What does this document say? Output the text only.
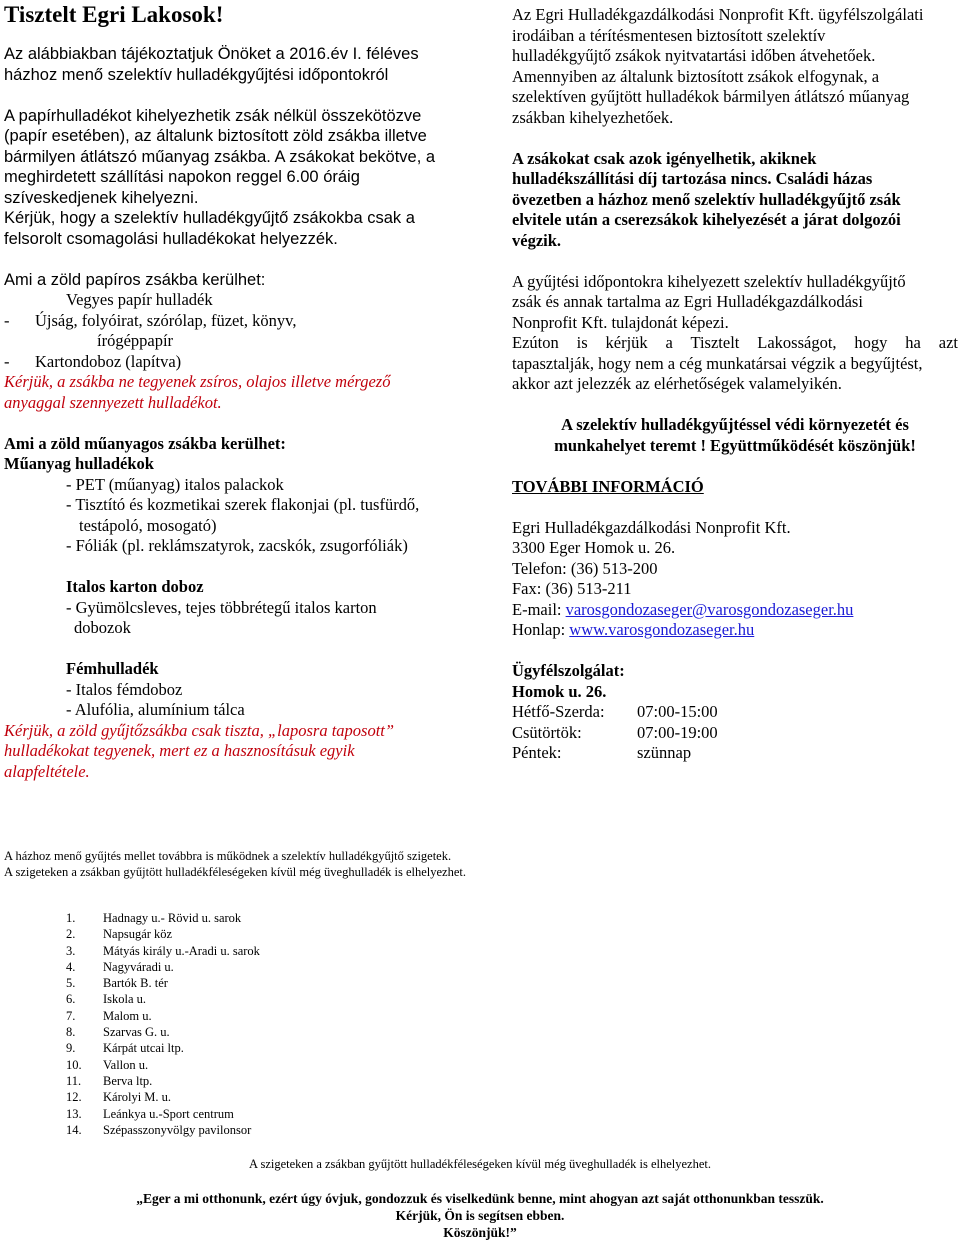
Tisztelt Egri Lakosok!

Az alábbiakban tájékoztatjuk Önöket a 2016.év I. féléves

házhoz menő szelektív hulladékgyűjtési időpontokról

A papírhulladékot kihelyezhetik zsák nélkül összekötözve

(papír esetében), az általunk biztosított zöld zsákba illetve

bármilyen átlátszó műanyag zsákba. A zsákokat bekötve, a

meghirdetett szállítási napokon reggel 6.00 óráig

szíveskedjenek kihelyezni.

Kérjük, hogy a szelektív hulladékgyűjtő zsákokba csak a

felsorolt csomagolási hulladékokat helyezzék.

Ami a zöld papíros zsákba kerülhet:

Vegyes papír hulladék

- Újság, folyóirat, szórólap, füzet, könyv,

írógéppapír

- Kartondoboz (lapítva)

Kérjük, a zsákba ne tegyenek zsíros, olajos illetve mérgező

anyaggal szennyezett hulladékot.

Ami a zöld műanyagos zsákba kerülhet:

Műanyag hulladékok

- PET (műanyag) italos palackok

- Tisztító és kozmetikai szerek flakonjai (pl. tusfürdő,

testápoló, mosogató)

- Fóliák (pl. reklámszatyrok, zacskók, zsugorfóliák)

Italos karton doboz

- Gyümölcsleves, tejes többrétegű italos karton

dobozok

Fémhulladék

- Italos fémdoboz

- Alufólia, alumínium tálca

Kérjük, a zöld gyűjtőzsákba csak tiszta, „laposra taposott”

hulladékokat tegyenek, mert ez a hasznosításuk egyik

alapfeltétele.

Az Egri Hulladékgazdálkodási Nonprofit Kft. ügyfélszolgálati

irodáiban a térítésmentesen biztosított szelektív

hulladékgyűjtő zsákok nyitvatartási időben átvehetőek.

Amennyiben az általunk biztosított zsákok elfogynak, a

szelektíven gyűjtött hulladékok bármilyen átlátszó műanyag

zsákban kihelyezhetőek.

A zsákokat csak azok igényelhetik, akiknek

hulladékszállítási díj tartozása nincs. Családi házas

övezetben a házhoz menő szelektív hulladékgyűjtő zsák

elvitele után a cserezsákok kihelyezését a járat dolgozói

végzik.

A gyűjtési időpontokra kihelyezett szelektív hulladékgyűjtő

zsák és annak tartalma az Egri Hulladékgazdálkodási

Nonprofit Kft. tulajdonát képezi.

Ezúton is kérjük a Tisztelt Lakosságot, hogy ha azt

tapasztalják, hogy nem a cég munkatársai végzik a begyűjtést,

akkor azt jelezzék az elérhetőségek valamelyikén.

A szelektív hulladékgyűjtéssel védi környezetét és

munkahelyet teremt ! Együttműködését köszönjük!

TOVÁBBI INFORMÁCIÓ

Egri Hulladékgazdálkodási Nonprofit Kft.

3300 Eger Homok u. 26.

Telefon: (36) 513-200

Fax: (36) 513-211

E-mail: varosgondozaseger@varosgondozaseger.hu

Honlap: www.varosgondozaseger.hu

Ügyfélszolgálat:

Homok u. 26.

Hétfő-Szerda:	07:00-15:00
Csütörtök:	07:00-19:00
Péntek:	szünnap

A házhoz menő gyűjtés mellet továbbra is működnek a szelektív hulladékgyűjtő szigetek.

A szigeteken a zsákban gyűjtött hulladékféleségeken kívül még üveghulladék is elhelyezhet.

1.	Hadnagy u.- Rövid u. sarok
2.	Napsugár köz
3.	Mátyás király u.-Aradi u. sarok
4.	Nagyváradi u.
5.	Bartók B. tér
6.	Iskola u.
7.	Malom u.
8.	Szarvas G. u.
9.	Kárpát utcai ltp.
10.	Vallon u.
11.	Berva ltp.
12.	Károlyi M. u.
13.	Leánkya u.-Sport centrum
14.	Szépasszonyvölgy pavilonsor

A szigeteken a zsákban gyűjtött hulladékféleségeken kívül még üveghulladék is elhelyezhet.

„Eger a mi otthonunk, ezért úgy óvjuk, gondozzuk és viselkedünk benne, mint ahogyan azt saját otthonunkban tesszük.

Kérjük, Ön is segítsen ebben.

Köszönjük!”
